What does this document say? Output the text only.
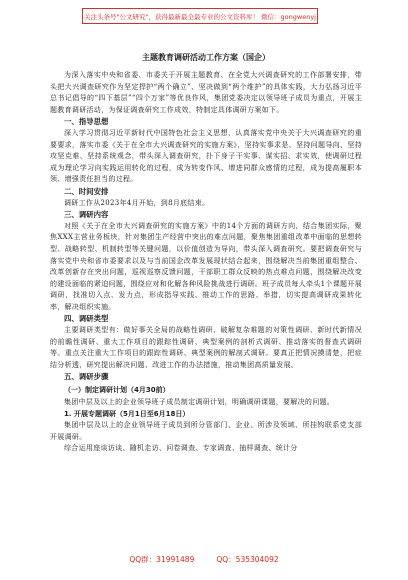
关注头条号"公文研究"，获得最新最全最专业的公文资料库！ 微信：gongwenyj
主题教育调研活动工作方案（国企）

为深入落实中央和省委、市委关于开展主题教育、在全党大兴调查研究的工作部署安排，带头把大兴调查研究作为坚定捍护“两个确立”、坚决做到“两个维护”的具体实践，大力弘扬习近平总书记倡导的“四下基层”“四个万家”等优良作风，集团党委决定以领导班子成员为重点，开展主题教育调研活动，为保证调查研究工作成效，特制定具体调研方案如下。

一、指导思想

深入学习贯彻习近平新时代中国特色社会主义思想，认真落实党中央关于大兴调查研究的重要要求，落实市委《关于在全市大兴调查研究的实施方案》，坚持实事求是、坚持问题导向、坚持攻坚克难、坚持系统观念，带头深入调查研究，扑下身子干实事、谋实招、求实效，使调研过程成为理论学习向实践运用转化的过程，成为转变作风、增进同群众感情的过程，成为提高履职本领、增强责任担当的过程。

二、时间安排

调研工作从2023年4月开始，到8月底结束。

三、调研内容

对照《关于在全市大兴调查研究的实施方案》中的14个方面的调研方向，结合集团实际，聚焦XXX主营业务板块，针对集团生产经营中突出的难点问题，聚焦集团重组改革中面临的思想转型、战略转型、机制转型等关键问题，以价值创造为导向，带头深入调查研究。要把调查研究与落实党中央和省市委要求以及与当前国企改革发展现状结合起来，围绕解决当前集团重组整合、改革创新存在突出问题，巡视巡察反馈问题，干部职工群众反映的热点难点问题，围绕解决改变的建设面临的紧迫问题，围绕应对和化解各种风险挑战进行调研。班子成员每人牵头1个课题开展调研，找准切入点、发力点，形成指导实践、推动工作的思路、举措，切实提高调研成果转化率，解决组织实施。

四、调研类型

主要调研类型有：做好事关全局的战略性调研、破解复杂难题的对策性调研、新时代新情况的前瞻性调研、重大工作项目的跟踪性调研、典型案例的剖析式调研、推动落实的督查式调研等。重点关注重大工作项目的跟踪性调研、典型案例的解剖式调研。要真正把情况摸清楚，把症结分析透，研究提出解决问题、改进工作的办法措施，推动集团高质量发展。

五、调研步骤
（一）制定调研计划（4月30前）

集团中层及以上的企业领导班子成员制定调研计划，明确调研课题，要解决的问题。

1. 开展专题调研（5月1日至6月18日）

集团中层及以上的企业领导班子成员到所分管部门、企业、所涉及领域、所挂钩联系党支部开展调研。

综合运用座谈访谈、随机走访、问卷调查、专家调查、抽样调查、统计分

QQ群：31991489	QQ：535304092
